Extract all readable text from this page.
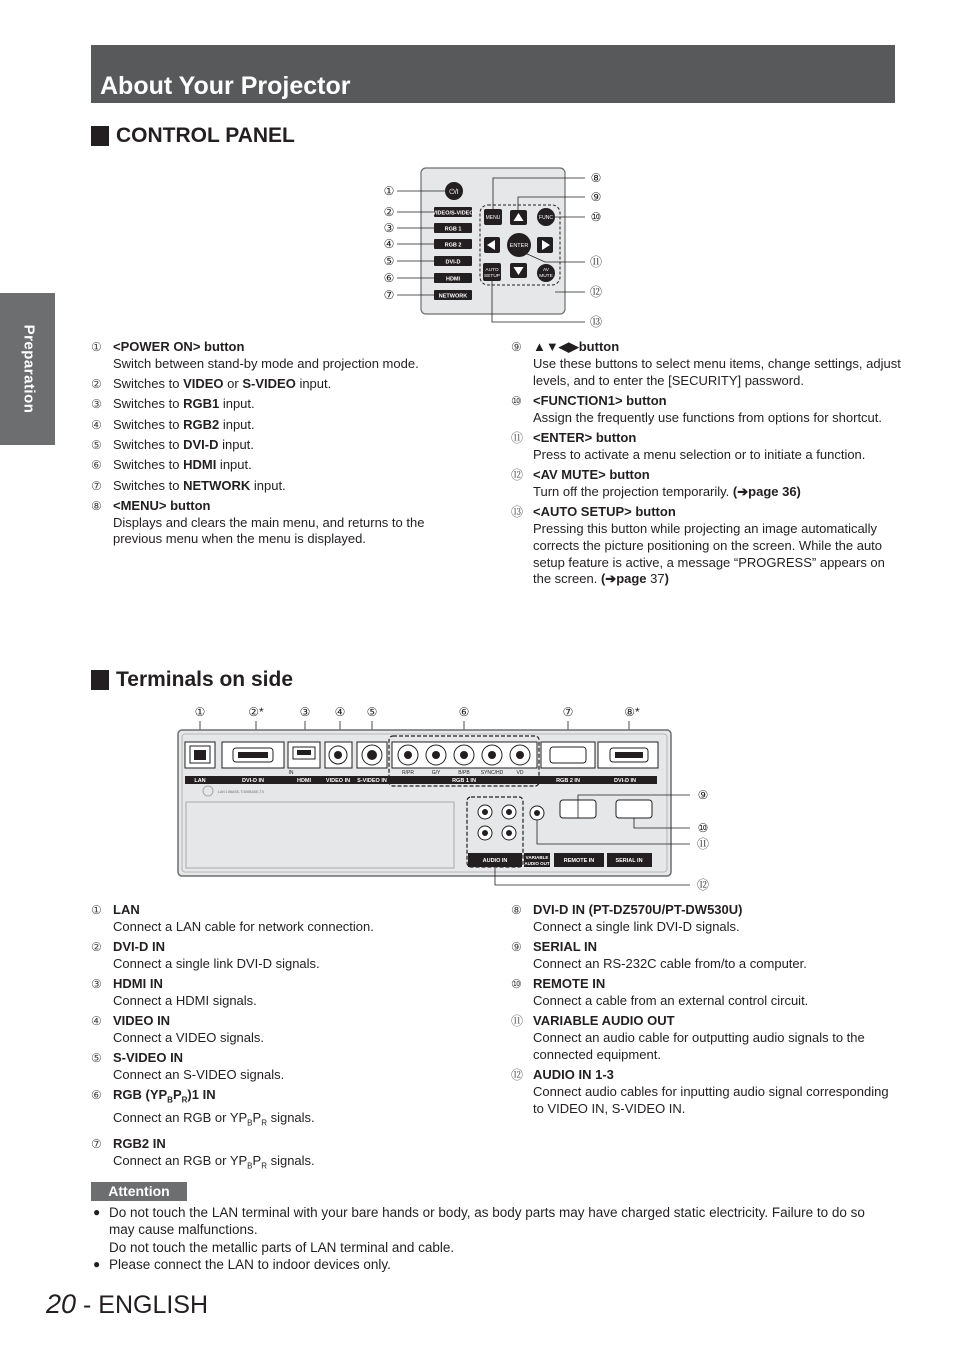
Preparation
About Your Projector
CONTROL PANEL
⏻/I
VIDEO/S-VIDEO
RGB 1
RGB 2
DVI-D
HDMI
NETWORK
MENU	FUNC
ENTER
AUTO
SETUP
AV
MUTE
①
②
③
④
⑤
⑥
⑦
⑧
⑨
⑩
⑪
⑫
⑬
① <POWER ON> button
Switch between stand-by mode and projection mode.
② Switches to VIDEO or S-VIDEO input.
③ Switches to RGB1 input.
④ Switches to RGB2 input.
⑤ Switches to DVI-D input.
⑥ Switches to HDMI input.
⑦ Switches to NETWORK input.
⑧ <MENU> button
Displays and clears the main menu, and returns to the previous menu when the menu is displayed.
⑨ ▲▼◀▶button
Use these buttons to select menu items, change settings, adjust levels, and to enter the [SECURITY] password.
⑩ <FUNCTION1> button
Assign the frequently use functions from options for shortcut.
⑪ <ENTER> button
Press to activate a menu selection or to initiate a function.
⑫ <AV MUTE> button
Turn off the projection temporarily. (➔page 36)
⑬ <AUTO SETUP> button
Pressing this button while projecting an image automatically corrects the picture positioning on the screen. While the auto setup feature is active, a message “PROGRESS” appears on the screen. (➔page 37)
Terminals on side
①	②*	③ ④ ⑤	⑥	⑦	⑧*
LAN	DVI-D IN	HDMI	VIDEO IN S-VIDEO IN	RGB 1 IN	RGB 2 IN	DVI-D IN
IN	R/PR	G/Y	B/PB SYNC/HD	VD
LAN 10BASE-T/100BASE-TX
AUDIO IN
VARIABLE
AUDIO OUT	REMOTE IN	SERIAL IN
⑨
⑩
⑪
⑫
① LAN
Connect a LAN cable for network connection.
② DVI-D IN
Connect a single link DVI-D signals.
③ HDMI IN
Connect a HDMI signals.
④ VIDEO IN
Connect a VIDEO signals.
⑤ S-VIDEO IN
Connect an S-VIDEO signals.
⑥ RGB $(YP_BP_R)1$ IN
Connect an RGB or $YP_BP_R$ signals.
⑦ RGB2 IN
Connect an RGB or $YP_BP_R$ signals.
⑧ DVI-D IN (PT-DZ570U/PT-DW530U)
Connect a single link DVI-D signals.
⑨ SERIAL IN
Connect an RS-232C cable from/to a computer.
⑩ REMOTE IN
Connect a cable from an external control circuit.
⑪ VARIABLE AUDIO OUT
Connect an audio cable for outputting audio signals to the connected equipment.
⑫ AUDIO IN 1-3
Connect audio cables for inputting audio signal corresponding to VIDEO IN, S-VIDEO IN.
Attention
● Do not touch the LAN terminal with your bare hands or body, as body parts may have charged static electricity. Failure to do so may cause malfunctions.
Do not touch the metallic parts of LAN terminal and cable.
● Please connect the LAN to indoor devices only.
20 - ENGLISH
